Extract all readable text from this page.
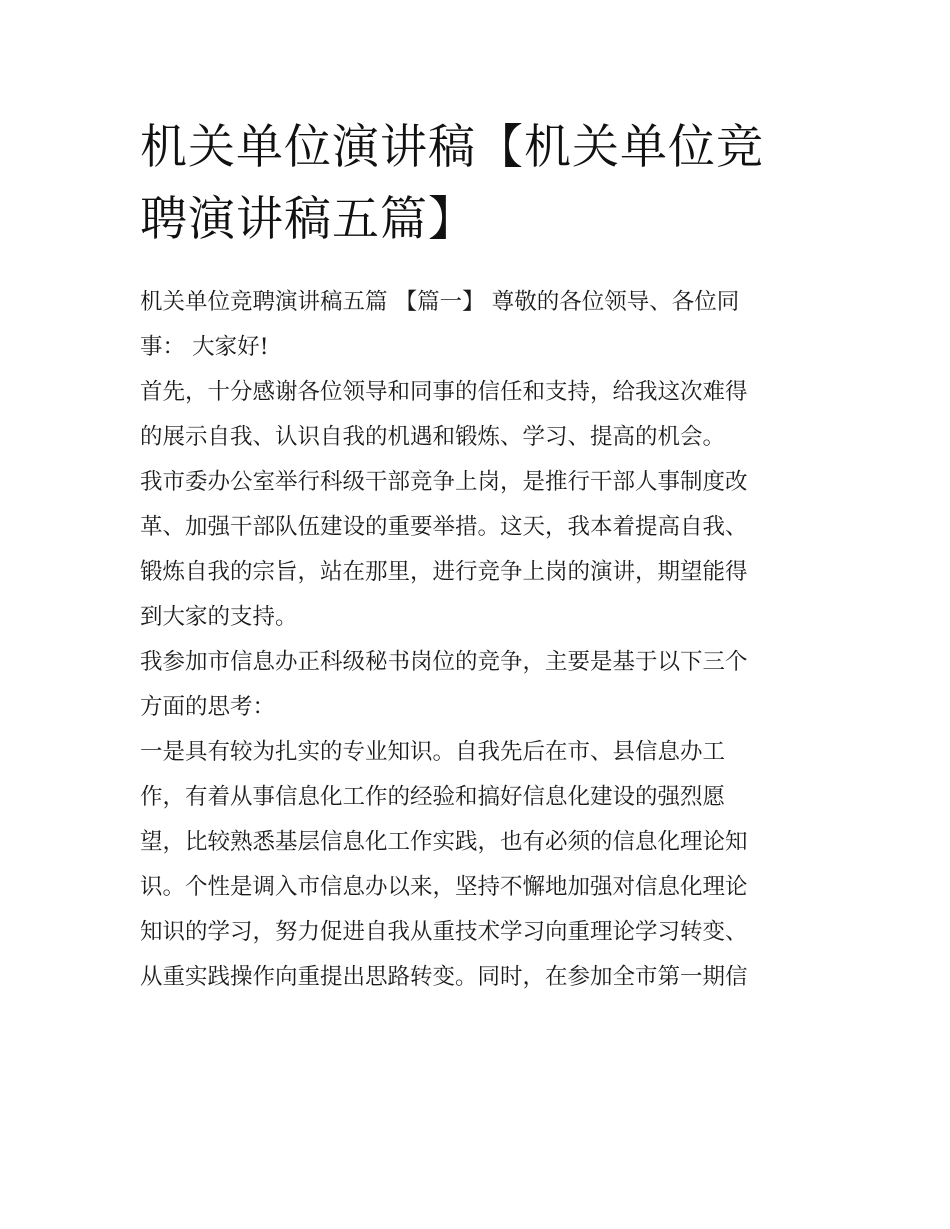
机关单位演讲稿【机关单位竞
聘演讲稿五篇】
机关单位竞聘演讲稿五篇 【篇一】 尊敬的各位领导、各位同
事： 大家好!
首先，十分感谢各位领导和同事的信任和支持，给我这次难得
的展示自我、认识自我的机遇和锻炼、学习、提高的机会。
我市委办公室举行科级干部竞争上岗，是推行干部人事制度改
革、加强干部队伍建设的重要举措。这天，我本着提高自我、
锻炼自我的宗旨，站在那里，进行竞争上岗的演讲，期望能得
到大家的支持。
我参加市信息办正科级秘书岗位的竞争，主要是基于以下三个
方面的思考：
一是具有较为扎实的专业知识。自我先后在市、县信息办工
作，有着从事信息化工作的经验和搞好信息化建设的强烈愿
望，比较熟悉基层信息化工作实践，也有必须的信息化理论知
识。个性是调入市信息办以来，坚持不懈地加强对信息化理论
知识的学习，努力促进自我从重技术学习向重理论学习转变、
从重实践操作向重提出思路转变。同时，在参加全市第一期信
